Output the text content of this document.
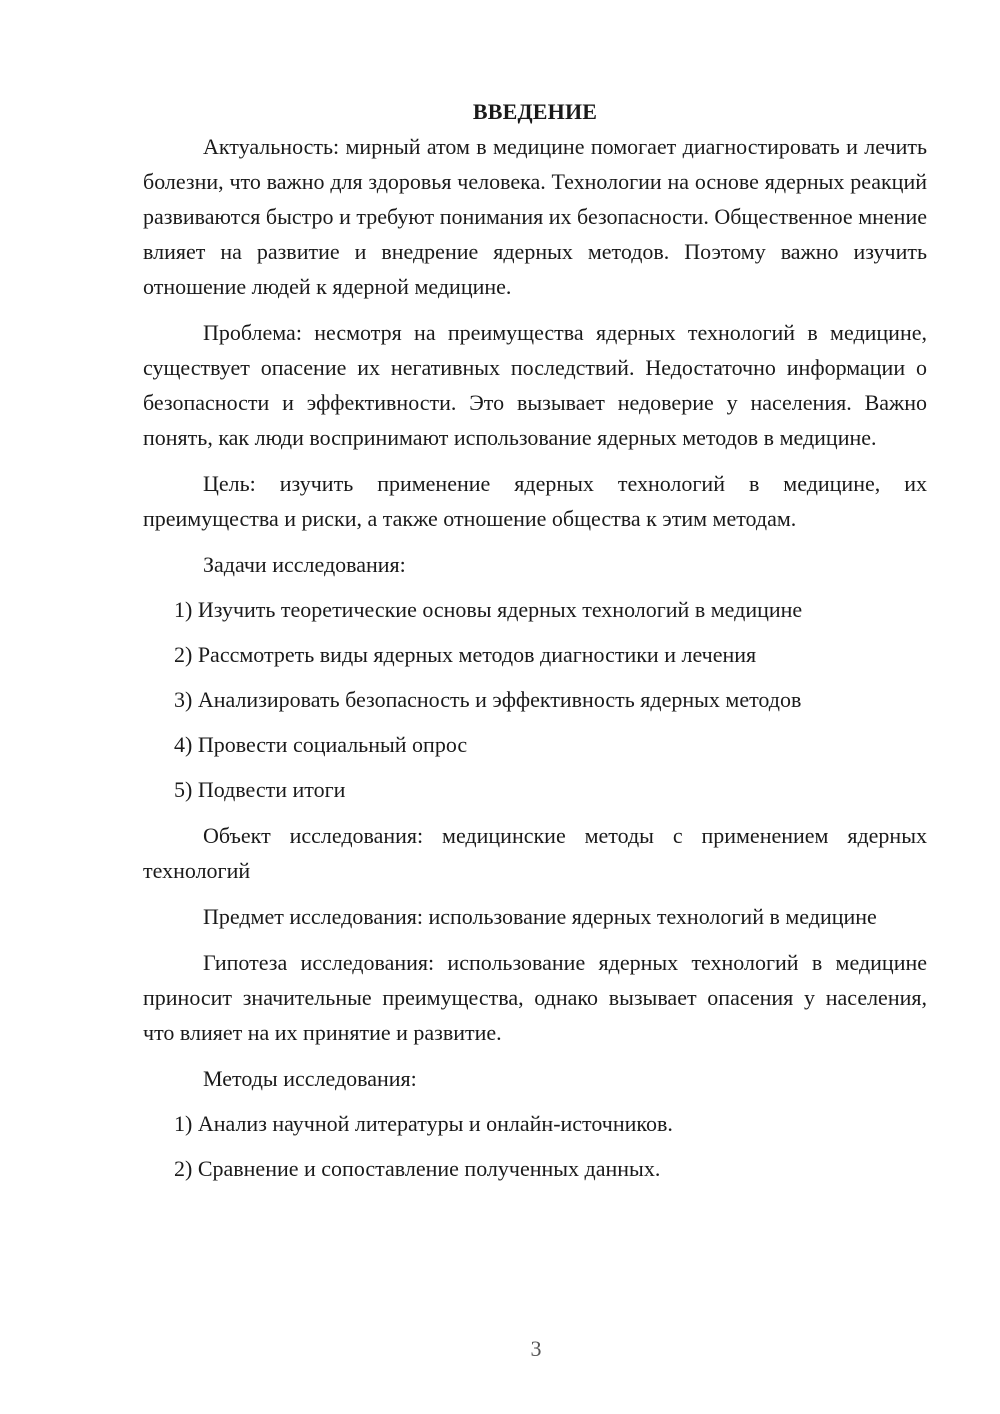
ВВЕДЕНИЕ

Актуальность: мирный атом в медицине помогает диагностировать и лечить болезни, что важно для здоровья человека. Технологии на основе ядерных реакций развиваются быстро и требуют понимания их безопасности. Общественное мнение влияет на развитие и внедрение ядерных методов. Поэтому важно изучить отношение людей к ядерной медицине.

Проблема: несмотря на преимущества ядерных технологий в медицине, существует опасение их негативных последствий. Недостаточно информации о безопасности и эффективности. Это вызывает недоверие у населения. Важно понять, как люди воспринимают использование ядерных методов в медицине.

Цель: изучить применение ядерных технологий в медицине, их преимущества и риски, а также отношение общества к этим методам.

Задачи исследования:

1) Изучить теоретические основы ядерных технологий в медицине
2) Рассмотреть виды ядерных методов диагностики и лечения
3) Анализировать безопасность и эффективность ядерных методов
4) Провести социальный опрос
5) Подвести итоги

Объект исследования: медицинские методы с применением ядерных технологий

Предмет исследования: использование ядерных технологий в медицине

Гипотеза исследования: использование ядерных технологий в медицине приносит значительные преимущества, однако вызывает опасения у населения, что влияет на их принятие и развитие.

Методы исследования:

1) Анализ научной литературы и онлайн-источников.
2) Сравнение и сопоставление полученных данных.
3
